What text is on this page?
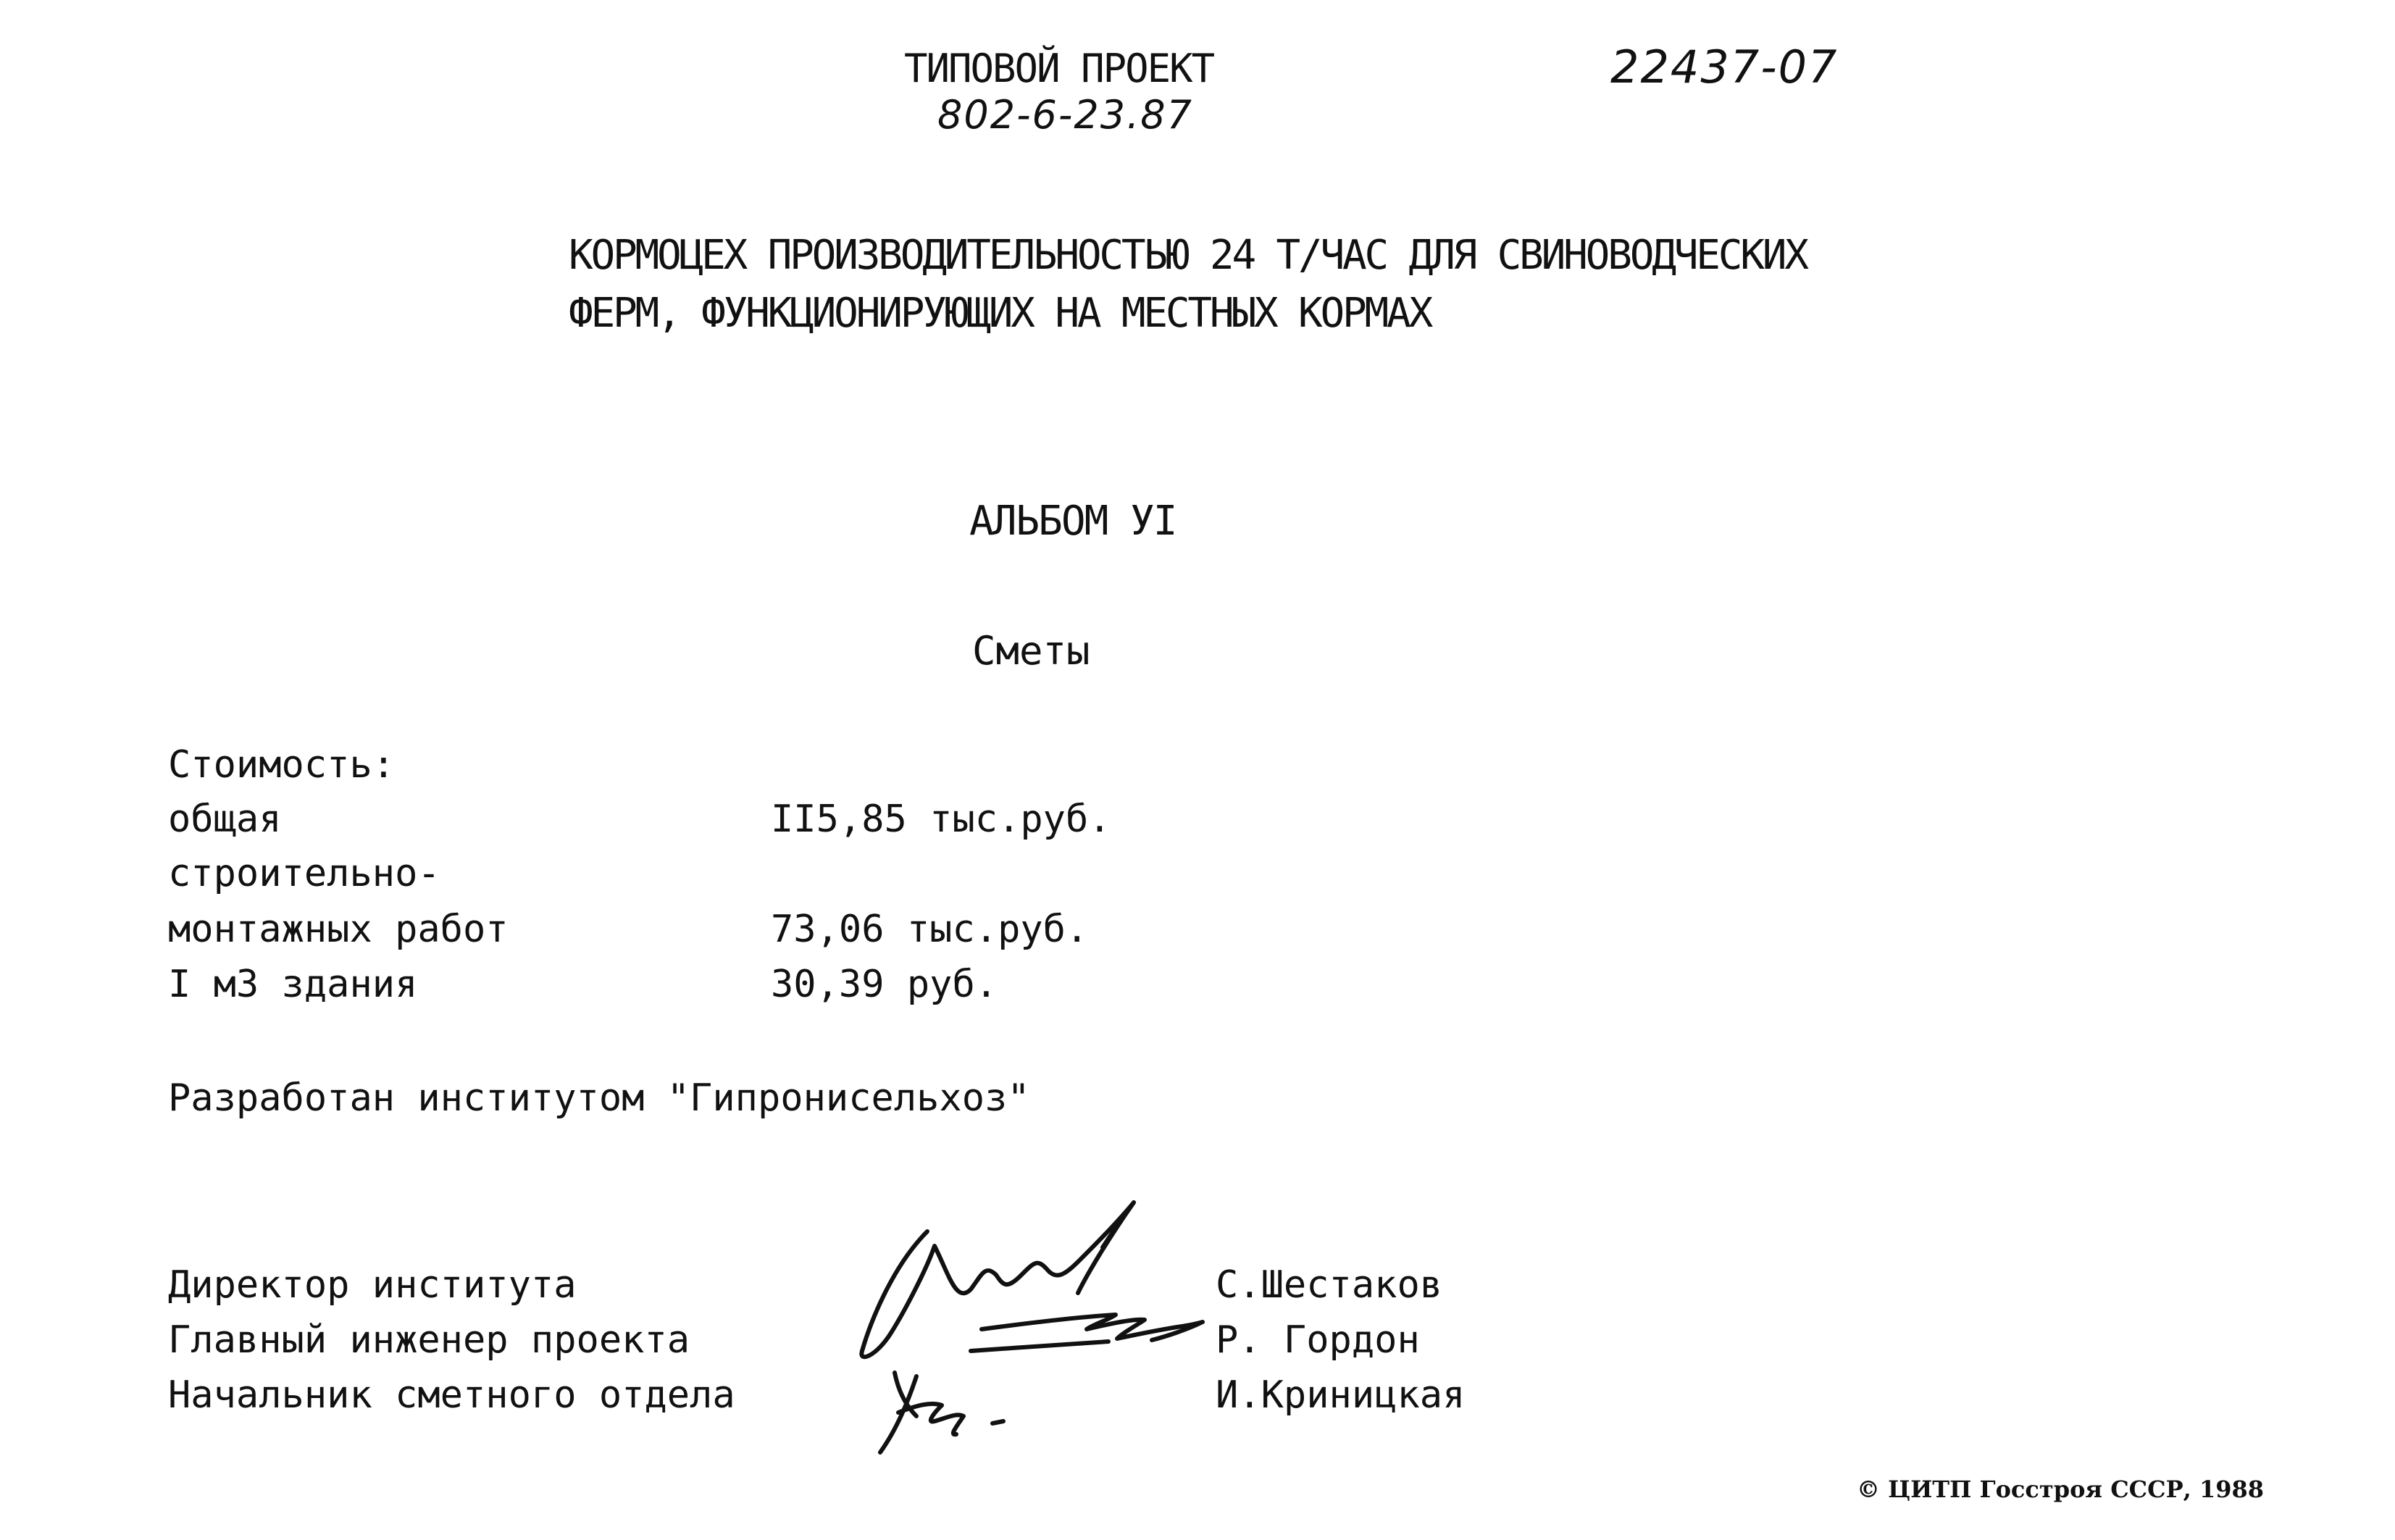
ТИПОВОЙ ПРОЕКТ
802-6-23.87
22437-07
КОРМОЦЕХ ПРОИЗВОДИТЕЛЬНОСТЬЮ 24 Т/ЧАС ДЛЯ СВИНОВОДЧЕСКИХ
ФЕРМ, ФУНКЦИОНИРУЮЩИХ НА МЕСТНЫХ КОРМАХ
АЛЬБОМ УI
Сметы
Стоимость:
общая	II5,85 тыс.руб.
строительно-
монтажных работ	73,06 тыс.руб.
I м3 здания	30,39 руб.
Разработан институтом "Гипронисельхоз"
Директор института	С.Шестаков
Главный инженер проекта	Р. Гордон
Начальник сметного отдела	И.Криницкая
© ЦИТП Госстроя СССР, 1988
